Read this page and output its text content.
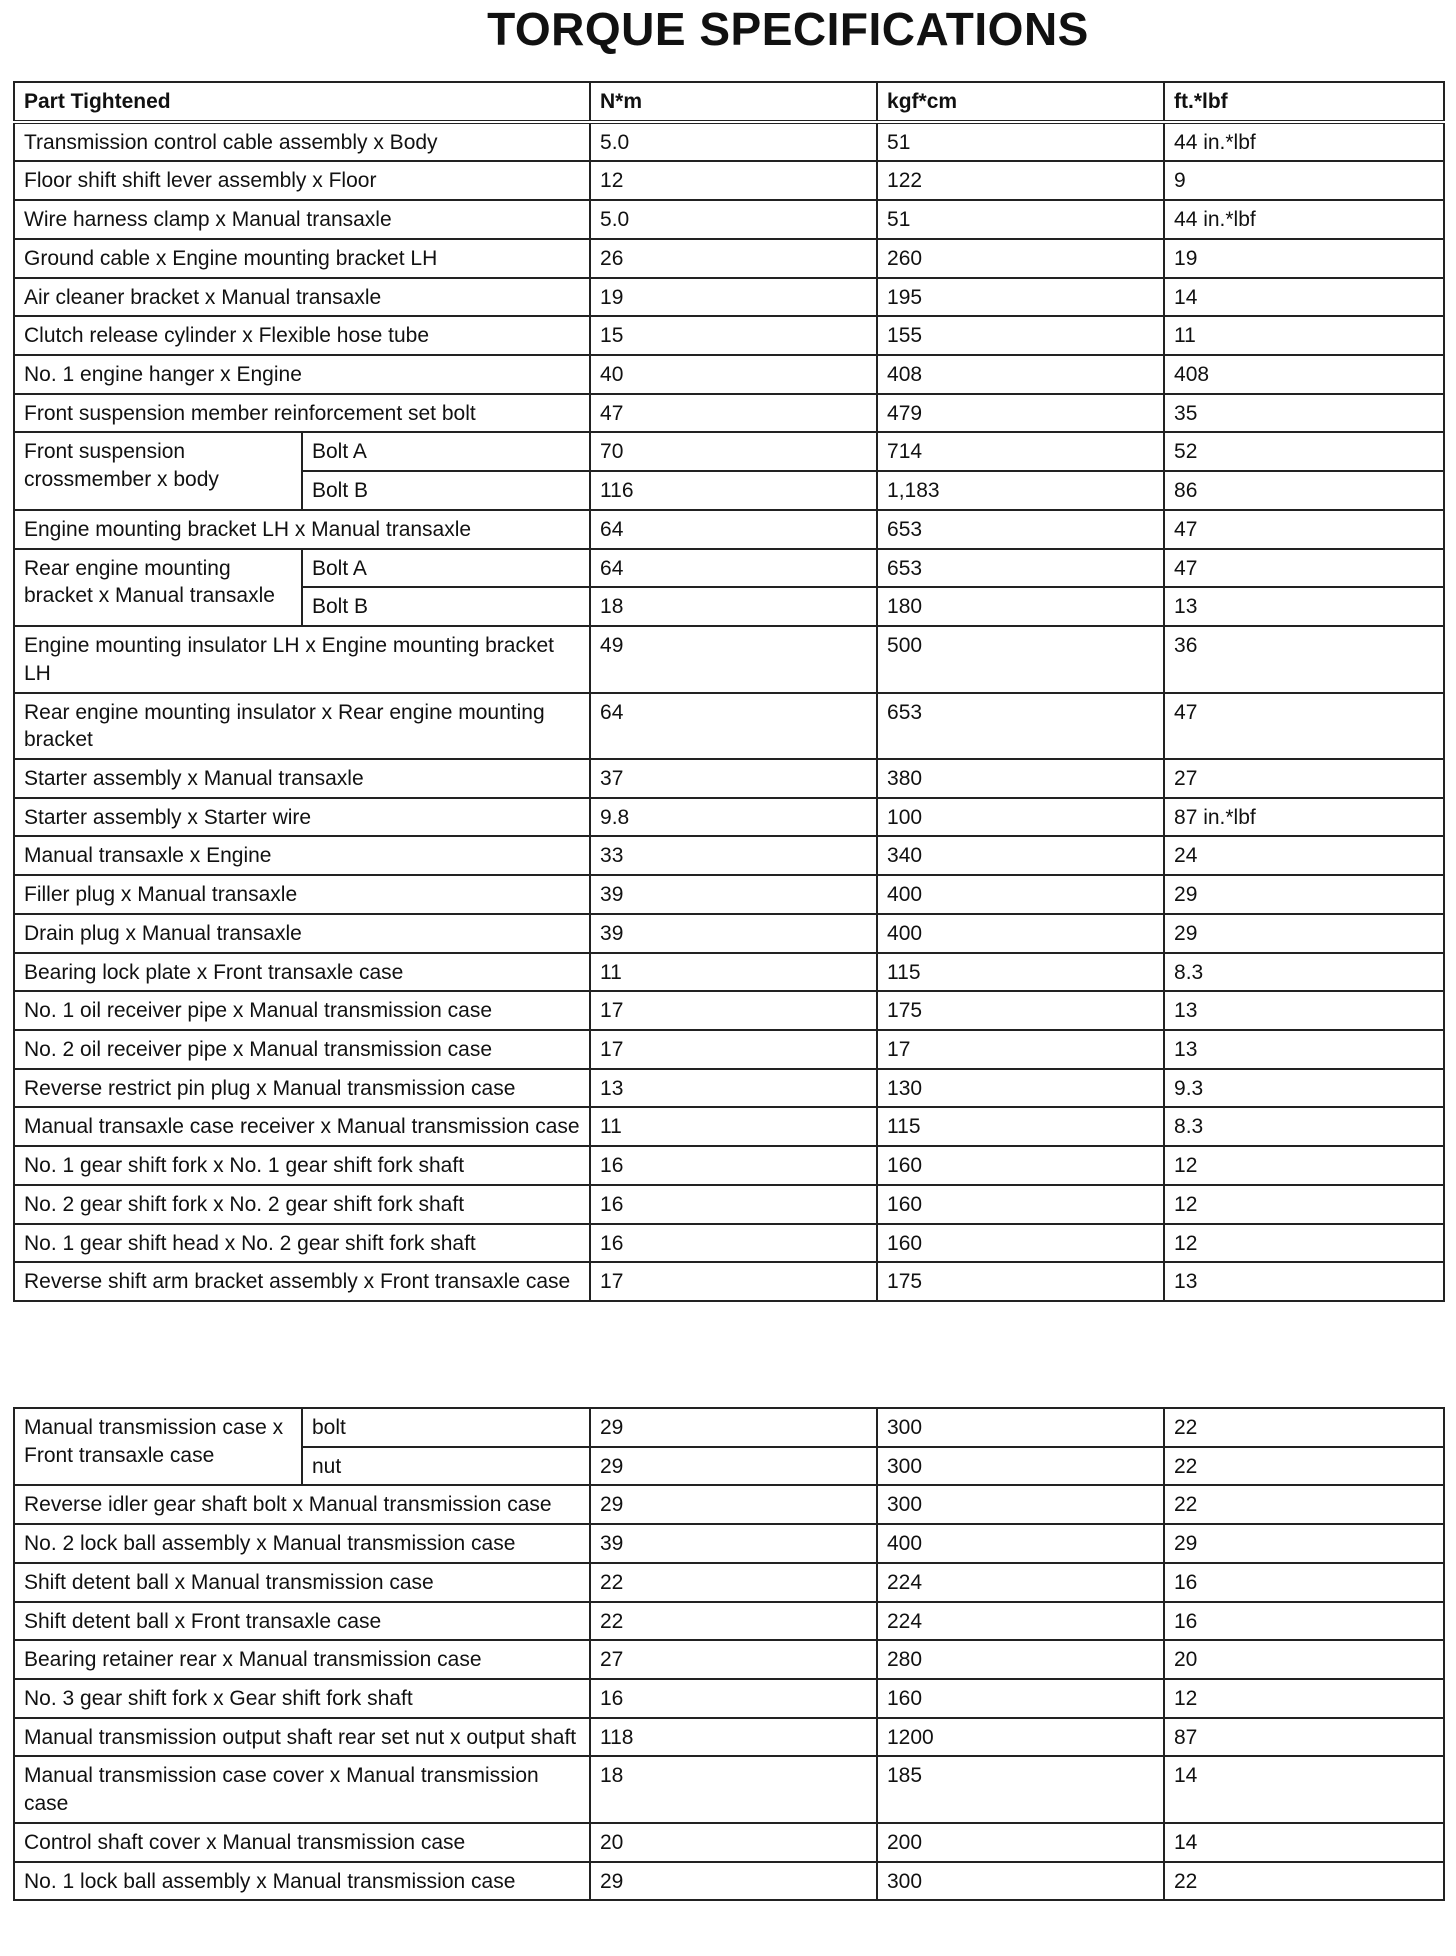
TORQUE SPECIFICATIONS
Part Tightened		N*m	kgf*cm	ft.*lbf
Transmission control cable assembly x Body		5.0	51	44 in.*lbf
Floor shift shift lever assembly x Floor		12	122	9
Wire harness clamp x Manual transaxle		5.0	51	44 in.*lbf
Ground cable x Engine mounting bracket LH		26	260	19
Air cleaner bracket x Manual transaxle		19	195	14
Clutch release cylinder x Flexible hose tube		15	155	11
No. 1 engine hanger x Engine		40	408	408
Front suspension member reinforcement set bolt		47	479	35
Front suspension crossmember x body	Bolt A	70	714	52
	Bolt B	116	1,183	86
Engine mounting bracket LH x Manual transaxle		64	653	47
Rear engine mounting bracket x Manual transaxle	Bolt A	64	653	47
	Bolt B	18	180	13
Engine mounting insulator LH x Engine mounting bracket LH		49	500	36
Rear engine mounting insulator x Rear engine mounting bracket		64	653	47
Starter assembly x Manual transaxle		37	380	27
Starter assembly x Starter wire		9.8	100	87 in.*lbf
Manual transaxle x Engine		33	340	24
Filler plug x Manual transaxle		39	400	29
Drain plug x Manual transaxle		39	400	29
Bearing lock plate x Front transaxle case		11	115	8.3
No. 1 oil receiver pipe x Manual transmission case		17	175	13
No. 2 oil receiver pipe x Manual transmission case		17	17	13
Reverse restrict pin plug x Manual transmission case		13	130	9.3
Manual transaxle case receiver x Manual transmission case		11	115	8.3
No. 1 gear shift fork x No. 1 gear shift fork shaft		16	160	12
No. 2 gear shift fork x No. 2 gear shift fork shaft		16	160	12
No. 1 gear shift head x No. 2 gear shift fork shaft		16	160	12
Reverse shift arm bracket assembly x Front transaxle case		17	175	13
Manual transmission case x Front transaxle case	bolt	29	300	22
	nut	29	300	22
Reverse idler gear shaft bolt x Manual transmission case		29	300	22
No. 2 lock ball assembly x Manual transmission case		39	400	29
Shift detent ball x Manual transmission case		22	224	16
Shift detent ball x Front transaxle case		22	224	16
Bearing retainer rear x Manual transmission case		27	280	20
No. 3 gear shift fork x Gear shift fork shaft		16	160	12
Manual transmission output shaft rear set nut x output shaft		118	1200	87
Manual transmission case cover x Manual transmission case		18	185	14
Control shaft cover x Manual transmission case		20	200	14
No. 1 lock ball assembly x Manual transmission case		29	300	22
